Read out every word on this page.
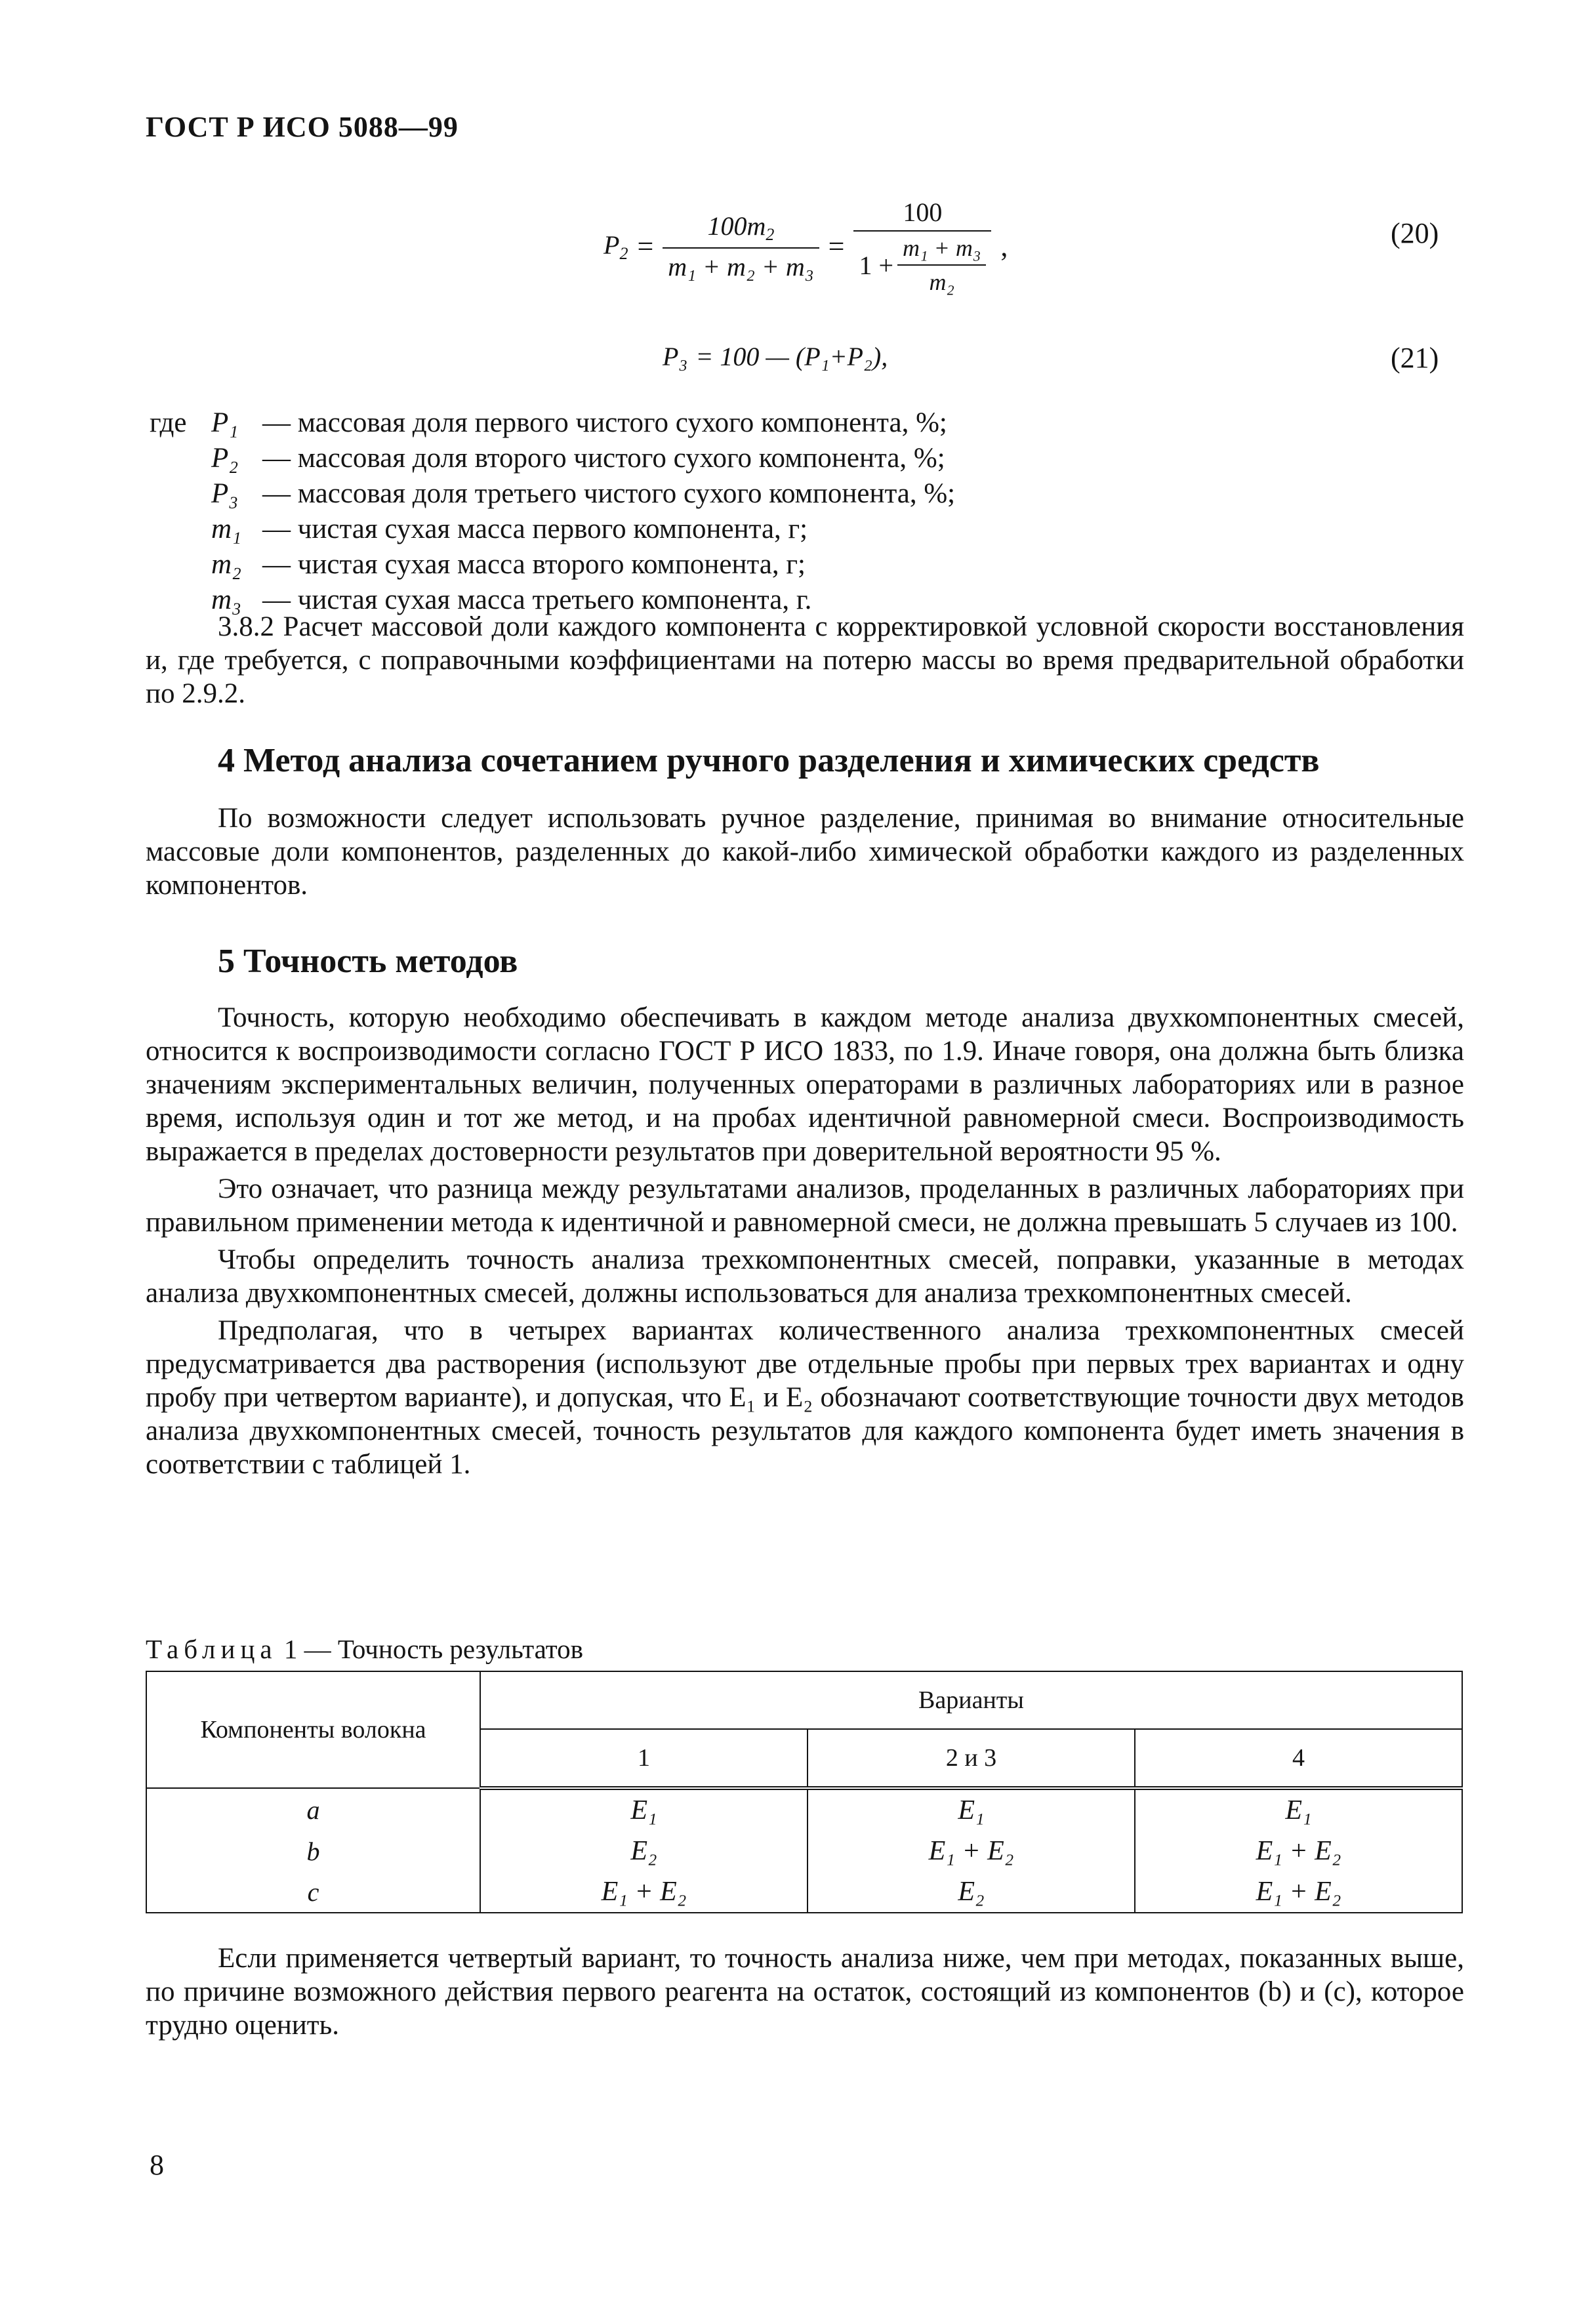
ГОСТ Р ИСО 5088—99
$P_2 = \frac{100m_2}{\text{m₁ + m₂ + m₃}} = \frac{100}{1 + \frac{\text{m₁ + m₃}}{\text{m₂}}}$ ,	(20)
P₃ = 100 — (P₁+P₂),	(21)
где P₁ — массовая доля первого чистого сухого компонента, %;
P₂ — массовая доля второго чистого сухого компонента, %;
P₃ — массовая доля третьего чистого сухого компонента, %;
m₁ — чистая сухая масса первого компонента, г;
m₂ — чистая сухая масса второго компонента, г;
m₃ — чистая сухая масса третьего компонента, г.

3.8.2 Расчет массовой доли каждого компонента с корректировкой условной скорости восстановления и, где требуется, с поправочными коэффициентами на потерю массы во время предварительной обработки по 2.9.2.

4 Метод анализа сочетанием ручного разделения и химических средств

По возможности следует использовать ручное разделение, принимая во внимание относительные массовые доли компонентов, разделенных до какой-либо химической обработки каждого из разделенных компонентов.

5 Точность методов

Точность, которую необходимо обеспечивать в каждом методе анализа двухкомпонентных смесей, относится к воспроизводимости согласно ГОСТ Р ИСО 1833, по 1.9. Иначе говоря, она должна быть близка значениям экспериментальных величин, полученных операторами в различных лабораториях или в разное время, используя один и тот же метод, и на пробах идентичной равномерной смеси. Воспроизводимость выражается в пределах достоверности результатов при доверительной вероятности 95 %.

Это означает, что разница между результатами анализов, проделанных в различных лабораториях при правильном применении метода к идентичной и равномерной смеси, не должна превышать 5 случаев из 100.

Чтобы определить точность анализа трехкомпонентных смесей, поправки, указанные в методах анализа двухкомпонентных смесей, должны использоваться для анализа трехкомпонентных смесей.

Предполагая, что в четырех вариантах количественного анализа трехкомпонентных смесей предусматривается два растворения (используют две отдельные пробы при первых трех вариантах и одну пробу при четвертом варианте), и допуская, что E₁ и E₂ обозначают соответствующие точности двух методов анализа двухкомпонентных смесей, точность результатов для каждого компонента будет иметь значения в соответствии с таблицей 1.

Таблица 1 — Точность результатов
Компоненты волокна	Варианты		
	1	2 и 3	4
a	E₁	E₁	E₁
b	E₂	E₁ + E₂	E₁ + E₂
c	E₁ + E₂	E₂	E₁ + E₂

Если применяется четвертый вариант, то точность анализа ниже, чем при методах, показанных выше, по причине возможного действия первого реагента на остаток, состоящий из компонентов (b) и (c), которое трудно оценить.

8
